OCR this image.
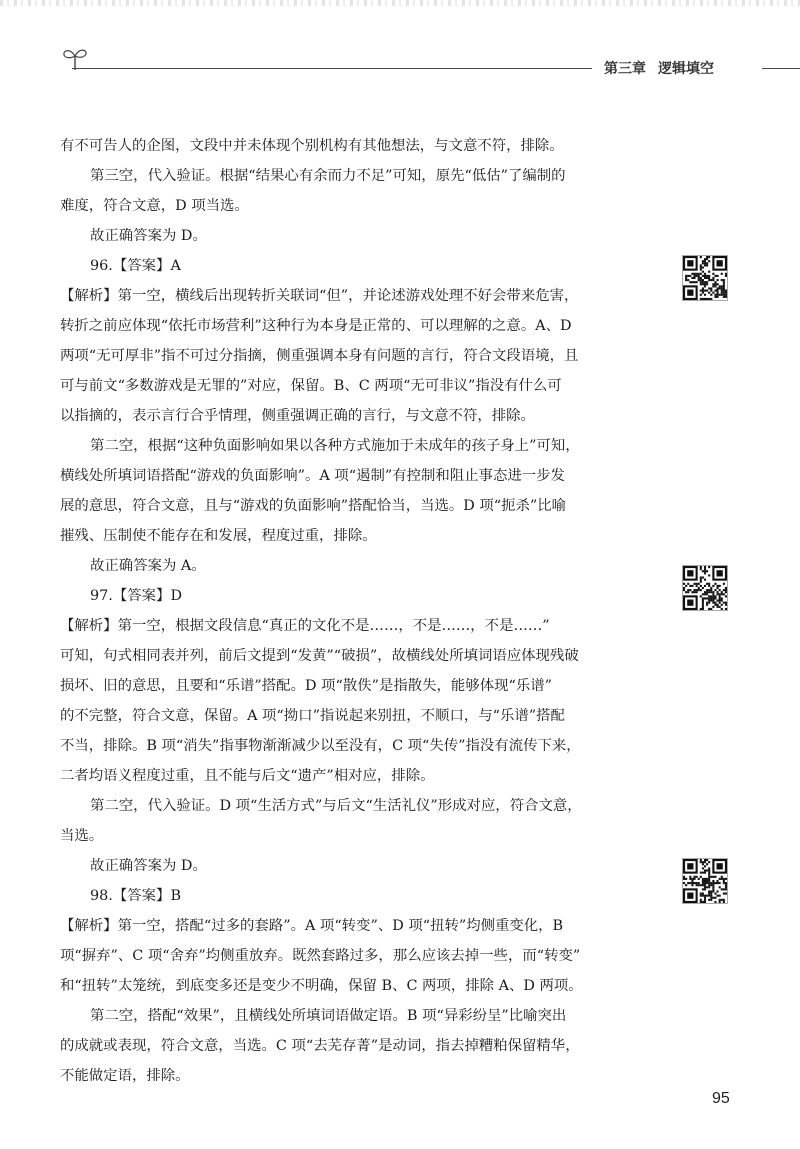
第三章 逻辑填空
有不可告人的企图，文段中并未体现个别机构有其他想法，与文意不符，排除。
第三空，代入验证。根据“结果心有余而力不足”可知，原先“低估”了编制的
难度，符合文意，D 项当选。
故正确答案为 D。
96.【答案】A
【解析】第一空，横线后出现转折关联词“但”，并论述游戏处理不好会带来危害，
转折之前应体现“依托市场营利”这种行为本身是正常的、可以理解的之意。A、D
两项“无可厚非”指不可过分指摘，侧重强调本身有问题的言行，符合文段语境，且
可与前文“多数游戏是无罪的”对应，保留。B、C 两项“无可非议”指没有什么可
以指摘的，表示言行合乎情理，侧重强调正确的言行，与文意不符，排除。
第二空，根据“这种负面影响如果以各种方式施加于未成年的孩子身上”可知，
横线处所填词语搭配“游戏的负面影响”。A 项“遏制”有控制和阻止事态进一步发
展的意思，符合文意，且与“游戏的负面影响”搭配恰当，当选。D 项“扼杀”比喻
摧残、压制使不能存在和发展，程度过重，排除。
故正确答案为 A。
97.【答案】D
【解析】第一空，根据文段信息“真正的文化不是……，不是……，不是……”
可知，句式相同表并列，前后文提到“发黄”“破损”，故横线处所填词语应体现残破
损坏、旧的意思，且要和“乐谱”搭配。D 项“散佚”是指散失，能够体现“乐谱”
的不完整，符合文意，保留。A 项“拗口”指说起来别扭，不顺口，与“乐谱”搭配
不当，排除。B 项“消失”指事物渐渐减少以至没有，C 项“失传”指没有流传下来，
二者均语义程度过重，且不能与后文“遗产”相对应，排除。
第二空，代入验证。D 项“生活方式”与后文“生活礼仪”形成对应，符合文意，
当选。
故正确答案为 D。
98.【答案】B
【解析】第一空，搭配“过多的套路”。A 项“转变”、D 项“扭转”均侧重变化，B
项“摒弃”、C 项“舍弃”均侧重放弃。既然套路过多，那么应该去掉一些，而“转变”
和“扭转”太笼统，到底变多还是变少不明确，保留 B、C 两项，排除 A、D 两项。
第二空，搭配“效果”，且横线处所填词语做定语。B 项“异彩纷呈”比喻突出
的成就或表现，符合文意，当选。C 项“去芜存菁”是动词，指去掉糟粕保留精华，
不能做定语，排除。
95
